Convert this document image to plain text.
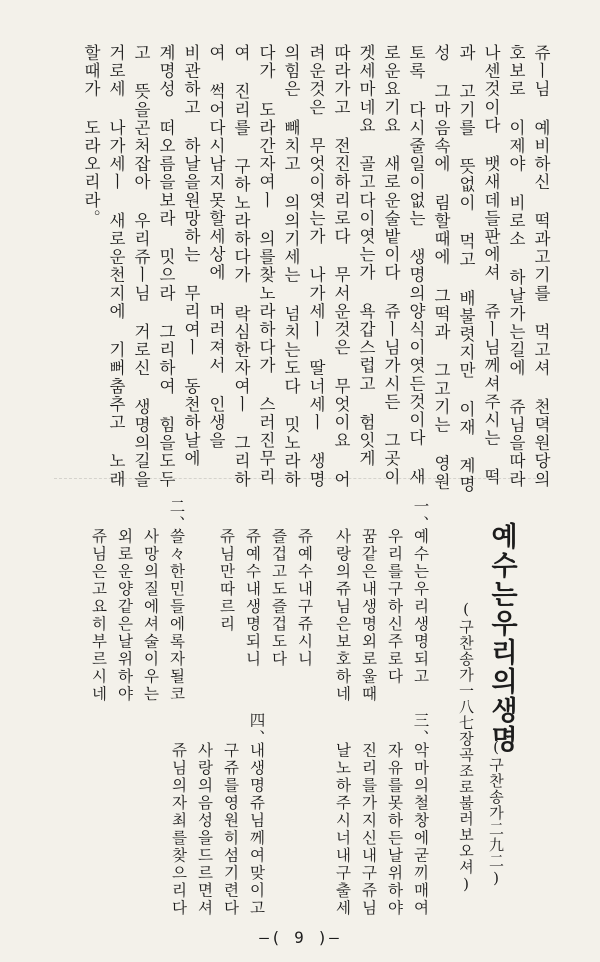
쥬ㅣ님 예비하신 떡과고기를 먹고셔 천뎍원당의
호보로 이제야 비로소 하날가는길에 쥬님을따라
나센것이다 뱃새데들판에셔 쥬ㅣ님께셔주시는 떡
과 고기를 뜻없이 먹고 배불렷지만 이재 계명
성 그마음속에 림할때에 그떡과 그고기는 영원
토록 다시줄일이없는 생명의양식이엿든것이다 새
로운요기요 새로운술밭이다 쥬ㅣ님가시든 그곳이
겟세마네요 골고다이엿는가 욕갑스럽고 험잇게
따라가고 전진하리로다 무서운것은 무엇이요 어
려운것은 무엇이엿는가 나가세ㅣ 딸너세ㅣ 생명
의힘은 빼치고 의의기세는 넘치는도다 밋노라하
다가 도라간자여ㅣ 의를찾노라하다가 스러진무리
여 진리를 구하노라하다가 락심한자여ㅣ 그리하
여 썩어다시남지못할세상에 머러져서 인생을
비관하고 하날을원망하는 무리여ㅣ 동천하날에
계명성 떠오름을보라 밋으라 그리하여 힘을도두
고 뜻을곤처잡아 우리쥬ㅣ님 거로신 생명의길을
거로세 나가세ㅣ 새로운천지에 기뻐춤추고 노래
할때가 도라오리라。
예수는우리의생명
(구찬송가一八七장곡조로불러보오셔) (구찬송가二九二)
一、
예수는우리생명되고
우리를구하신주로다
꿈같은내생명외로울때
사랑의쥬님은보호하네
쥬예수내구쥬시니
즐겁고도즐겁도다
쥬예수내생명되니
쥬님만따르리
二、
쓸々한민들에록자될코
사망의질에셔술이우는
외로운양같은날위하야
쥬님은고요히부르시네
三、
악마의철창에굳끼매여
자유를못하든날위하야
진리를가지신내구쥬님
날노하주시너내구출세
四、
내생명쥬님께여맞이고
구쥬를영원히섬기련다
사랑의음성을드르면셔
쥬님의자최를찾으리다
—( 9 )—
